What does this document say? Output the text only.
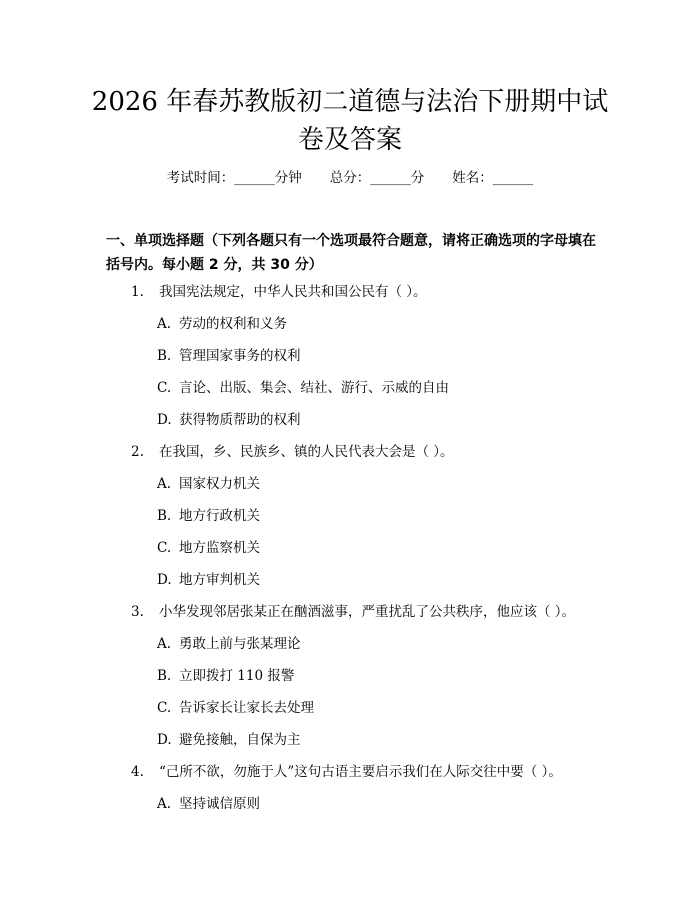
2026 年春苏教版初二道德与法治下册期中试
卷及答案
考试时间：______分钟 总分：______分 姓名：______
一、单项选择题（下列各题只有一个选项最符合题意，请将正确选项的字母填在括号内。每小题 2 分，共 30 分）
1. 我国宪法规定，中华人民共和国公民有（ ）。
A. 劳动的权利和义务
B. 管理国家事务的权利
C. 言论、出版、集会、结社、游行、示威的自由
D. 获得物质帮助的权利
2. 在我国，乡、民族乡、镇的人民代表大会是（ ）。
A. 国家权力机关
B. 地方行政机关
C. 地方监察机关
D. 地方审判机关
3. 小华发现邻居张某正在酗酒滋事，严重扰乱了公共秩序，他应该（ ）。
A. 勇敢上前与张某理论
B. 立即拨打 110 报警
C. 告诉家长让家长去处理
D. 避免接触，自保为主
4. “己所不欲，勿施于人”这句古语主要启示我们在人际交往中要（ ）。
A. 坚持诚信原则
